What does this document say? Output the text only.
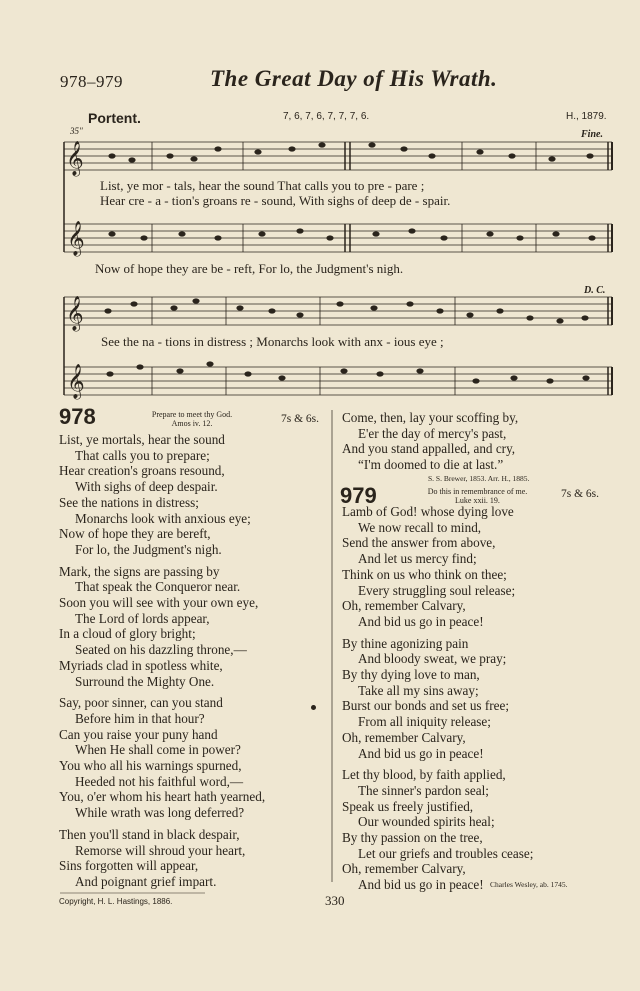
978–979	The Great Day of His Wrath.
Portent.	7, 6, 7, 6, 7, 7, 7, 6.	H., 1879.
35"	Fine.
D. C.
𝄞
𝄞
𝄞
𝄞
List, ye mor - tals, hear the sound That calls you to pre - pare ;
Hear cre - a - tion's groans re - sound, With sighs of deep de - spair.
Now of hope they are be - reft, For lo, the Judgment's nigh.
See the na - tions in distress ; Monarchs look with anx - ious eye ;
978	Prepare to meet thy God.
Amos iv. 12.	7s & 6s.
List, ye mortals, hear the sound
That calls you to prepare;
Hear creation's groans resound,
With sighs of deep despair.
See the nations in distress;
Monarchs look with anxious eye;
Now of hope they are bereft,
For lo, the Judgment's nigh.
Mark, the signs are passing by
That speak the Conqueror near.
Soon you will see with your own eye,
The Lord of lords appear,
In a cloud of glory bright;
Seated on his dazzling throne,—
Myriads clad in spotless white,
Surround the Mighty One.
Say, poor sinner, can you stand
Before him in that hour?
Can you raise your puny hand
When He shall come in power?
You who all his warnings spurned,
Heeded not his faithful word,—
You, o'er whom his heart hath yearned,
While wrath was long deferred?
Then you'll stand in black despair,
Remorse will shroud your heart,
Sins forgotten will appear,
And poignant grief impart.
Come, then, lay your scoffing by,
E'er the day of mercy's past,
And you stand appalled, and cry,
“I'm doomed to die at last.”
S. S. Brewer, 1853. Arr. H., 1885.
979	Do this in remembrance of me.
Luke xxii. 19.
7s & 6s.
Lamb of God! whose dying love
We now recall to mind,
Send the answer from above,
And let us mercy find;
Think on us who think on thee;
Every struggling soul release;
Oh, remember Calvary,
And bid us go in peace!
By thine agonizing pain
And bloody sweat, we pray;
By thy dying love to man,
Take all my sins away;
Burst our bonds and set us free;
From all iniquity release;
Oh, remember Calvary,
And bid us go in peace!
Let thy blood, by faith applied,
The sinner's pardon seal;
Speak us freely justified,
Our wounded spirits heal;
By thy passion on the tree,
Let our griefs and troubles cease;
Oh, remember Calvary,
And bid us go in peace! Charles Wesley, ab. 1745.
Copyright, H. L. Hastings, 1886.	330
